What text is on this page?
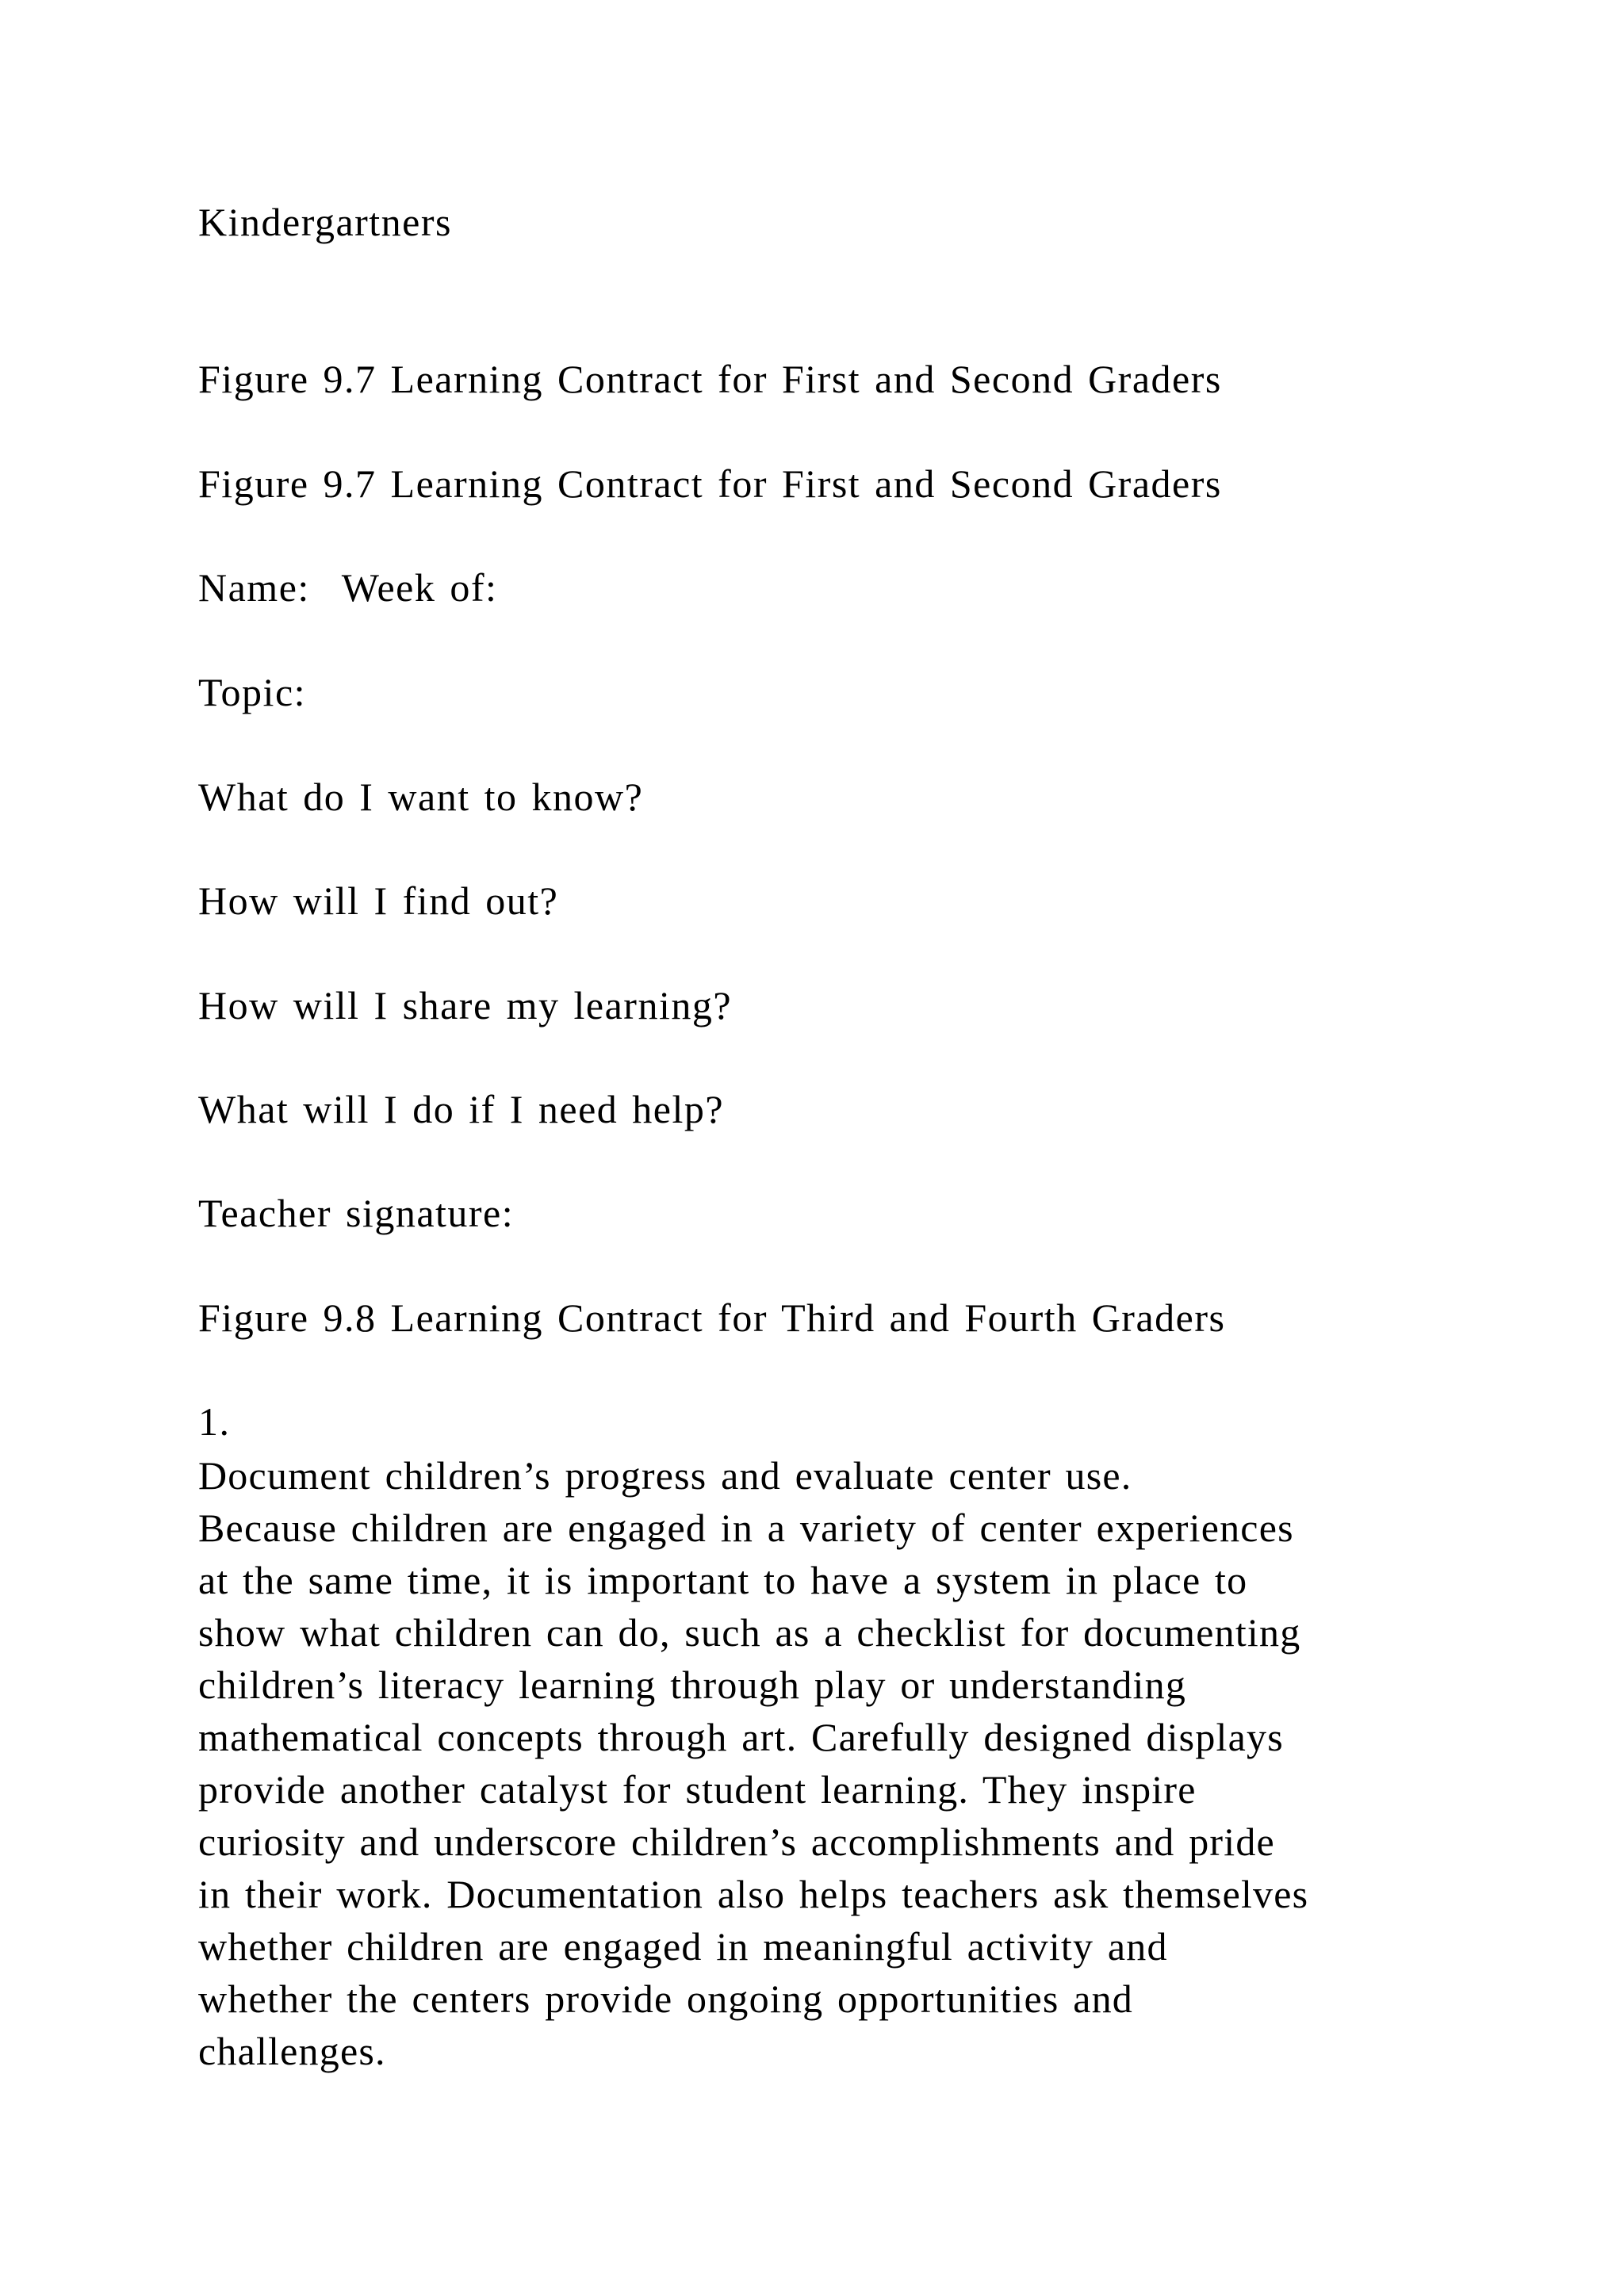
Kindergartners
Figure 9.7 Learning Contract for First and Second Graders
Figure 9.7 Learning Contract for First and Second Graders
Name: Week of:
Topic:
What do I want to know?
How will I find out?
How will I share my learning?
What will I do if I need help?
Teacher signature:
Figure 9.8 Learning Contract for Third and Fourth Graders
1.

Document children’s progress and evaluate center use.
Because children are engaged in a variety of center experiences
at the same time, it is important to have a system in place to
show what children can do, such as a checklist for documenting
children’s literacy learning through play or understanding
mathematical concepts through art. Carefully designed displays
provide another catalyst for student learning. They inspire
curiosity and underscore children’s accomplishments and pride
in their work. Documentation also helps teachers ask themselves
whether children are engaged in meaningful activity and
whether the centers provide ongoing opportunities and
challenges.
